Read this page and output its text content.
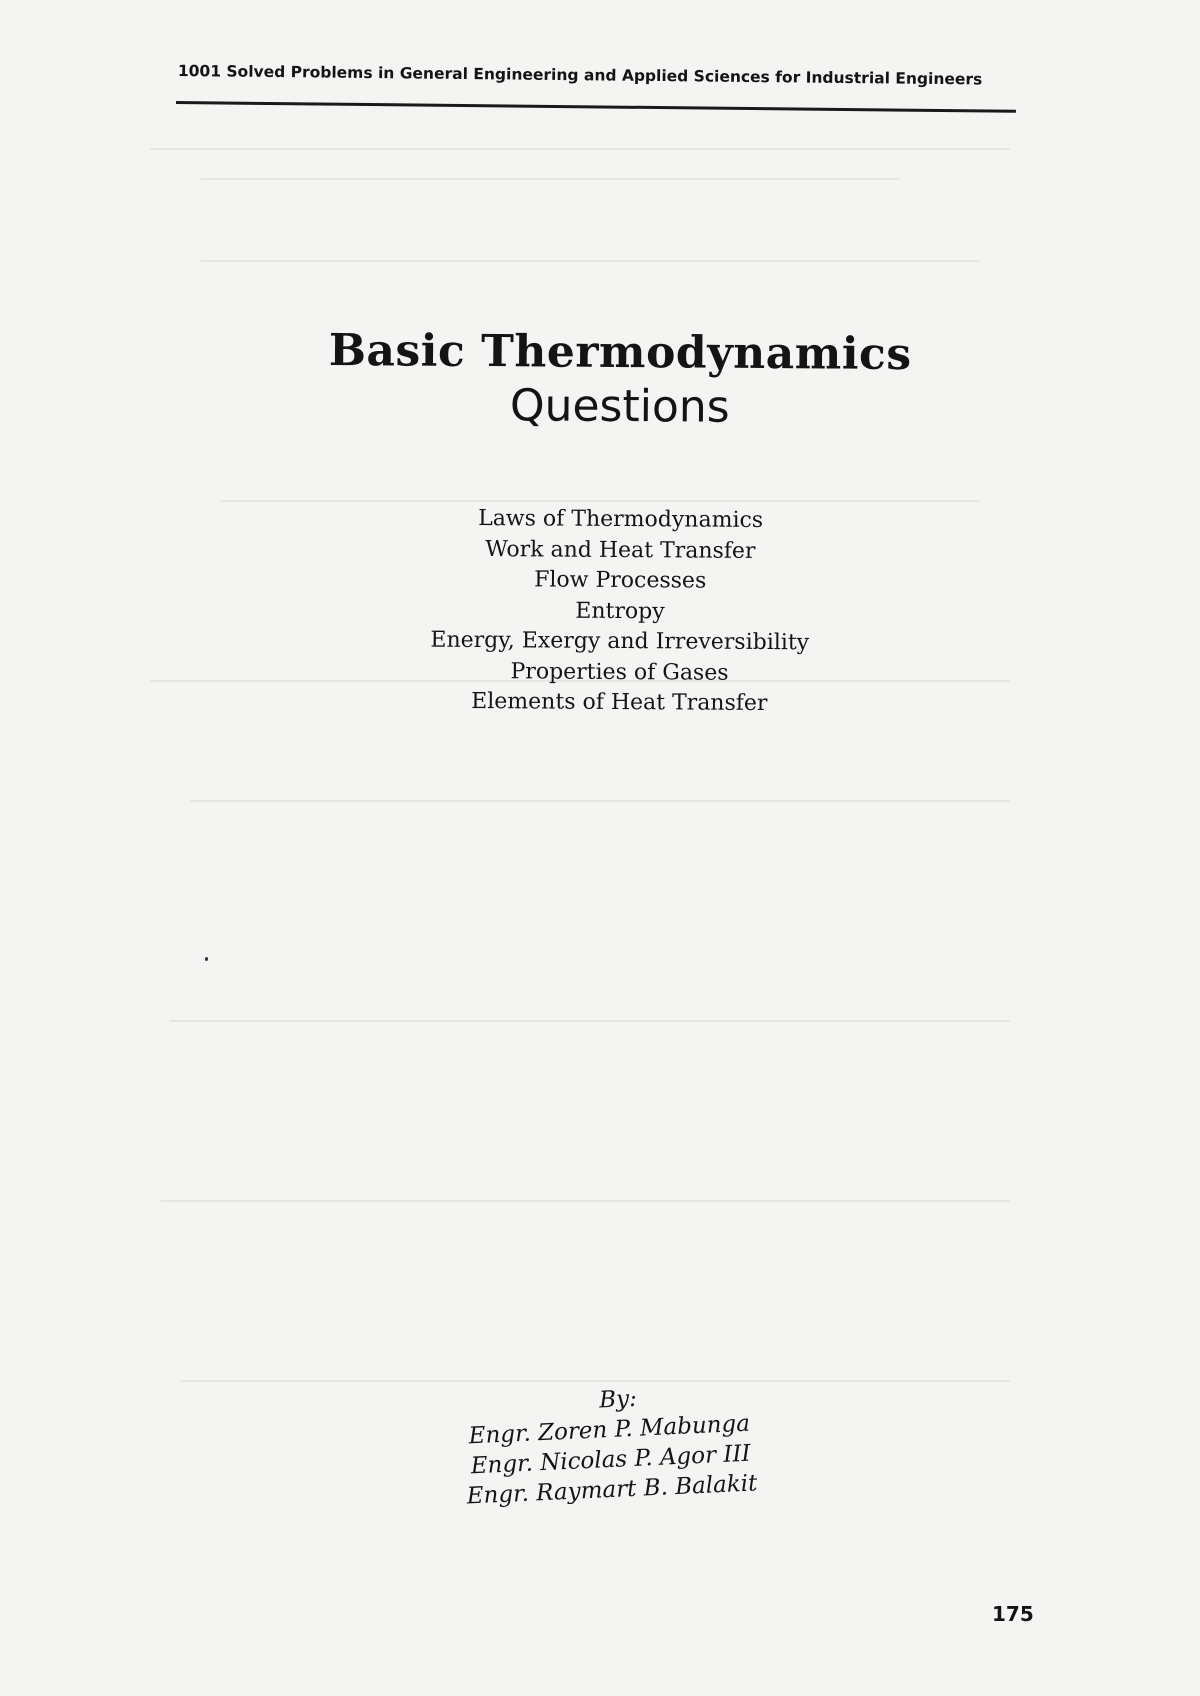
1001 Solved Problems in General Engineering and Applied Sciences for Industrial Engineers
Basic Thermodynamics
Questions
Laws of Thermodynamics
Work and Heat Transfer
Flow Processes
Entropy
Energy, Exergy and Irreversibility
Properties of Gases
Elements of Heat Transfer
By:
Engr. Zoren P. Mabunga
Engr. Nicolas P. Agor III
Engr. Raymart B. Balakit
175
